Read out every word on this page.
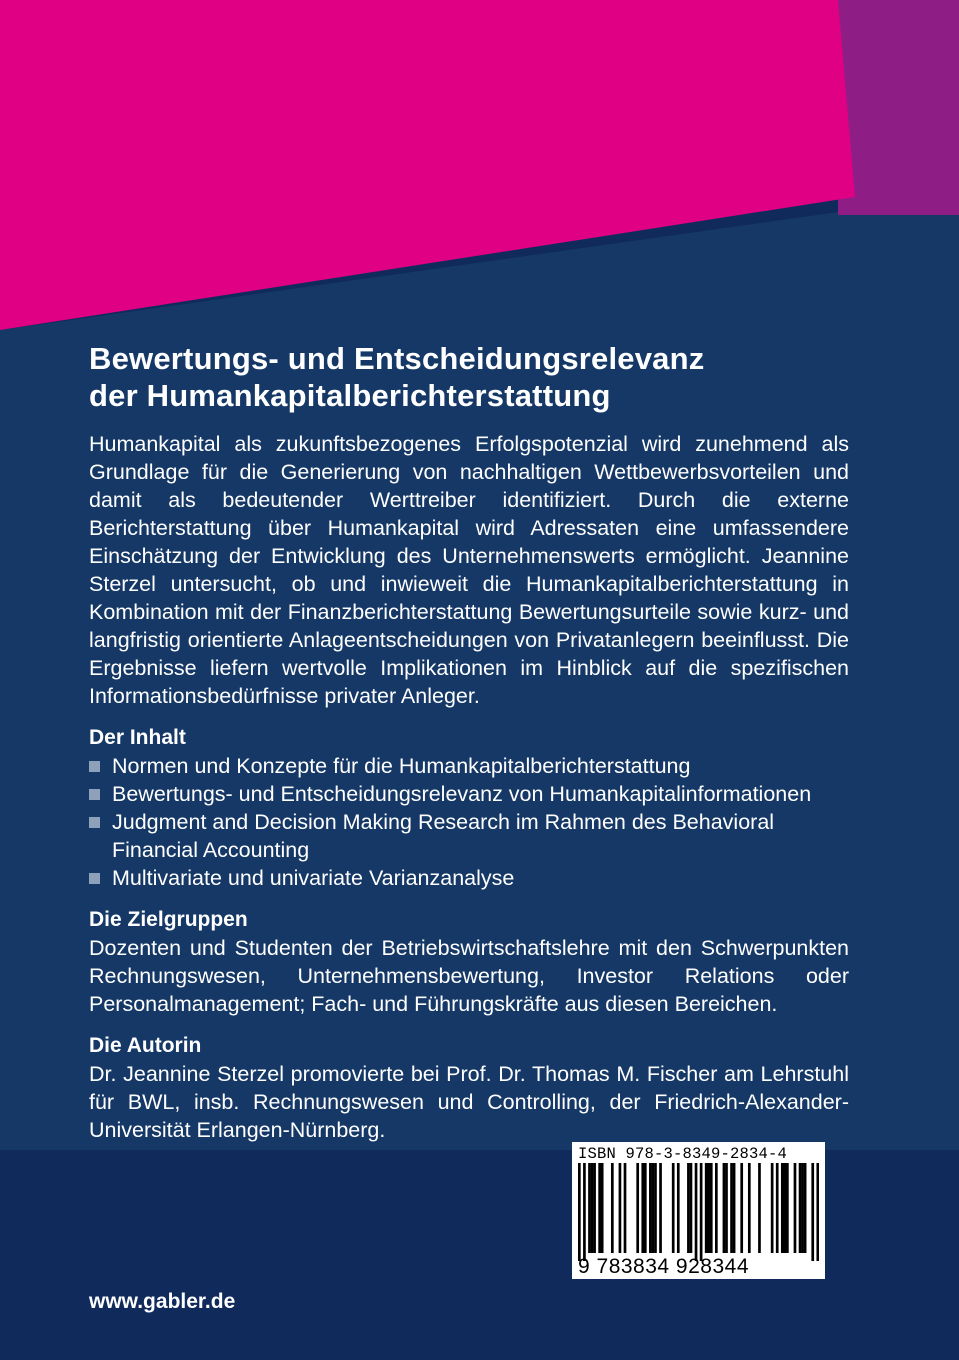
Bewertungs- und Entscheidungsrelevanz
der Humankapitalberichterstattung

Humankapital als zukunftsbezogenes Erfolgspotenzial wird zunehmend als Grundlage für die Generierung von nachhaltigen Wettbewerbsvorteilen und damit als bedeutender Werttreiber identifiziert. Durch die externe Berichterstattung über Humankapital wird Adressaten eine umfassendere Einschätzung der Entwicklung des Unternehmenswerts ermöglicht. Jeannine Sterzel untersucht, ob und inwieweit die Humankapitalberichterstattung in Kombination mit der Finanzberichterstattung Bewertungsurteile sowie kurz- und langfristig orientierte Anlageentscheidungen von Privatanlegern beeinflusst. Die Ergebnisse liefern wertvolle Implikationen im Hinblick auf die spezifischen Informationsbedürfnisse privater Anleger.

Der Inhalt
Normen und Konzepte für die Humankapitalberichterstattung
Bewertungs- und Entscheidungsrelevanz von Humankapitalinformationen
Judgment and Decision Making Research im Rahmen des Behavioral Financial Accounting
Multivariate und univariate Varianzanalyse
Die Zielgruppen

Dozenten und Studenten der Betriebswirtschaftslehre mit den Schwerpunkten Rechnungswesen, Unternehmensbewertung, Investor Relations oder Personalmanagement; Fach- und Führungskräfte aus diesen Bereichen.

Die Autorin

Dr. Jeannine Sterzel promovierte bei Prof. Dr. Thomas M. Fischer am Lehrstuhl für BWL, insb. Rechnungswesen und Controlling, der Friedrich-Alexander-Universität Erlangen-Nürnberg.

ISBN 978-3-8349-2834-4
9 783834 928344
www.gabler.de
